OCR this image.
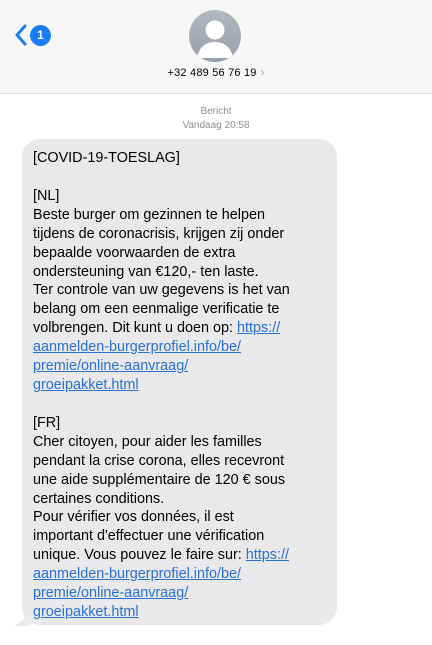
1
+32 489 56 76 19 ›
Bericht
Vandaag 20:58

[COVID-19-TOESLAG]

[NL]

Beste burger om gezinnen te helpen
tijdens de coronacrisis, krijgen zij onder
bepaalde voorwaarden de extra
ondersteuning van €120,- ten laste.
Ter controle van uw gegevens is het van
belang om een eenmalige verificatie te
volbrengen. Dit kunt u doen op: https://
aanmelden-burgerprofiel.info/be/
premie/online-aanvraag/
groeipakket.html

[FR]

Cher citoyen, pour aider les familles
pendant la crise corona, elles recevront
une aide supplémentaire de 120 € sous
certaines conditions.
Pour vérifier vos données, il est
important d'effectuer une vérification
unique. Vous pouvez le faire sur: https://
aanmelden-burgerprofiel.info/be/
premie/online-aanvraag/
groeipakket.html
